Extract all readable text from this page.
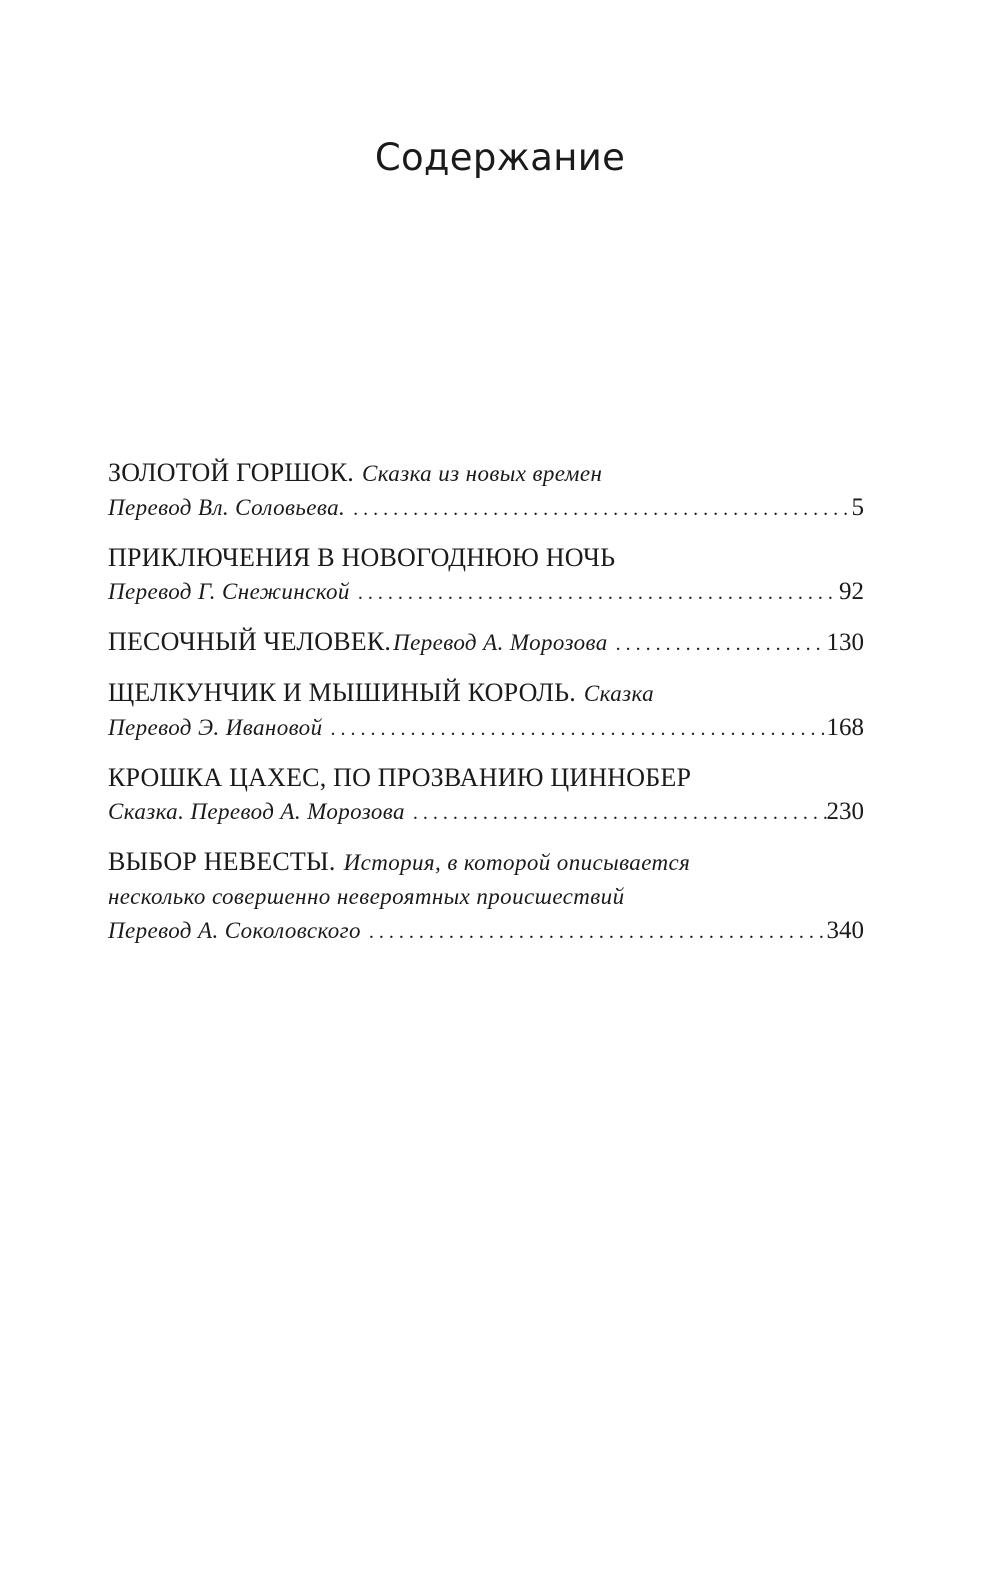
Содержание
ЗОЛОТОЙ ГОРШОК. Сказка из новых времен
Перевод Вл. Соловьева. . . .	5
ПРИКЛЮЧЕНИЯ В НОВОГОДНЮЮ НОЧЬ
Перевод Г. Снежинской . . .	92
ПЕСОЧНЫЙ ЧЕЛОВЕК. Перевод А. Морозова . . .	130
ЩЕЛКУНЧИК И МЫШИНЫЙ КОРОЛЬ. Сказка
Перевод Э. Ивановой . . .	168
КРОШКА ЦАХЕС, ПО ПРОЗВАНИЮ ЦИННОБЕР
Сказка. Перевод А. Морозова . . .	230
ВЫБОР НЕВЕСТЫ. История, в которой описывается
несколько совершенно невероятных происшествий
Перевод А. Соколовского . . .	340
